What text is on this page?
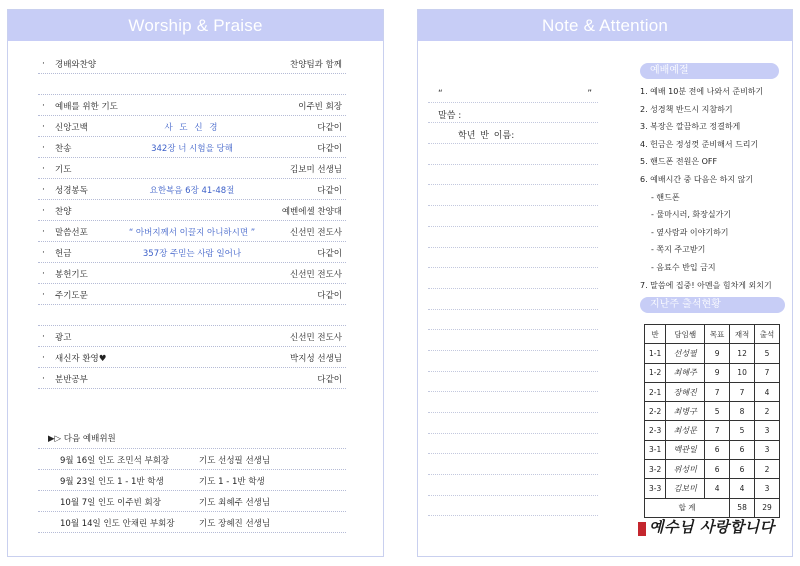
Worship & Praise
· 경배와찬양	찬양팀과 함께
· 예배를 위한 기도	이주빈 회장
· 신앙고백	사 도 신 경	다같이
· 찬송	342장 너 시험을 당해	다같이
· 기도	김보미 선생님
· 성경봉독	요한복음 6장 41-48절	다같이
· 찬양	예벤에셀 찬양대
· 말씀선포	“ 아버지께서 이끌지 아니하시면 ”	신선민 전도사
· 헌금	357장 주믿는 사람 일어나	다같이
· 봉헌기도	신선민 전도사
· 주기도문	다같이
· 광고	신선민 전도사
· 새신자 환영♥	박지성 선생님
· 분반공부	다같이
▶▷ 다음 예배위원
9월 16일 인도 조민석 부회장	기도 선성필 선생님
9월 23일 인도 1 - 1반 학생	기도 1 - 1반 학생
10월 7일 인도 이주빈 회장	기도 최혜주 선생님
10월 14일 인도 안채린 부회장	기도 장혜진 선생님
Note & Attention
“	”
말씀 :
학년 반 이름:
예배예절
1. 예배 10분 전에 나와서 준비하기
2. 성경책 반드시 지참하기
3. 복장은 깔끔하고 정결하게
4. 헌금은 정성껏 준비해서 드리기
5. 핸드폰 전원은 OFF
6. 예배시간 중 다음은 하지 않기
- 핸드폰
- 물마시러, 화장실가기
- 옆사람과 이야기하기
- 쪽지 주고받기
- 음료수 반입 금지
7. 말씀에 집중! 아멘을 힘차게 외치기
지난주 출석현황
반	담임쌤	목표	재적	출석
1-1	선성필	9	12	5
1-2	최혜주	9	10	7
2-1	장혜진	7	7	4
2-2	최병구	5	8	2
2-3	최성문	7	5	3
3-1	백관일	6	6	3
3-2	위성미	6	6	2
3-3	김보미	4	4	3
합 계			58	29
예수님 사랑합니다
